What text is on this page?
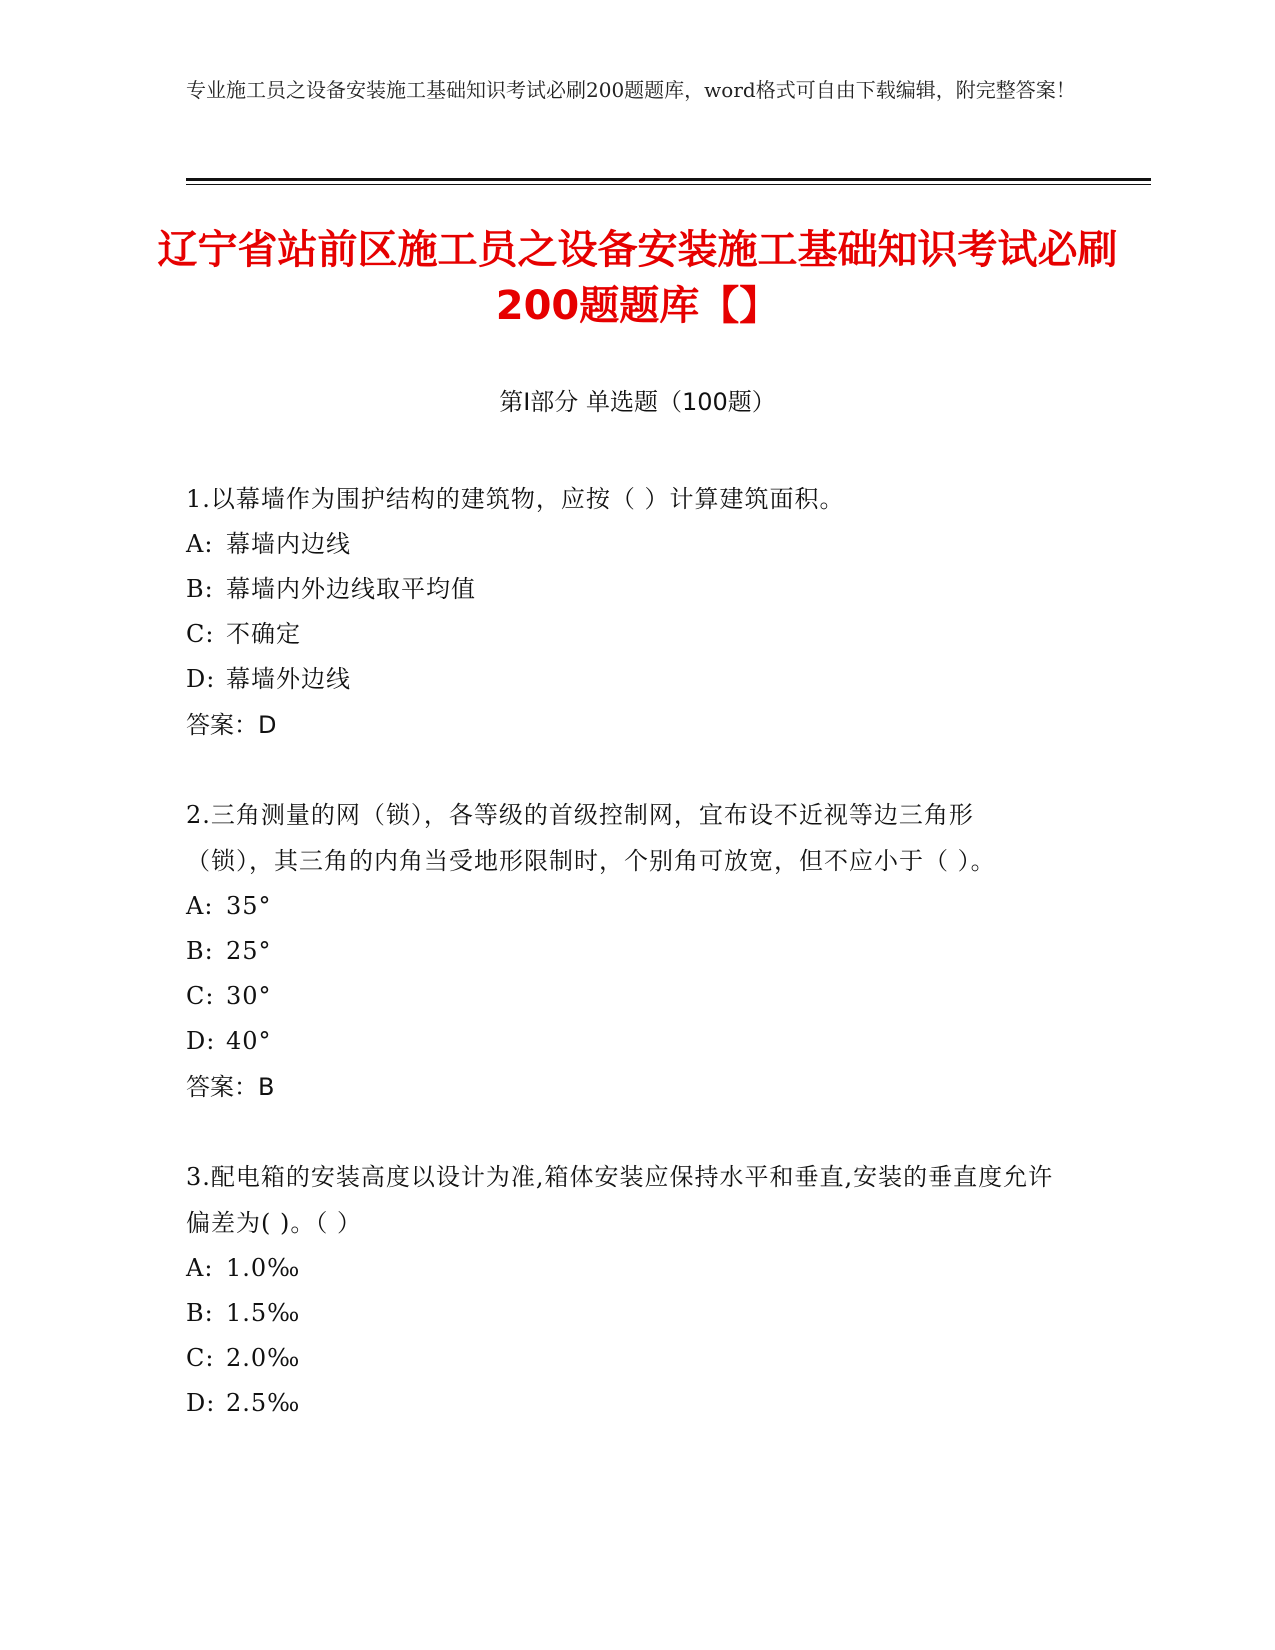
专业施工员之设备安装施工基础知识考试必刷200题题库，word格式可自由下载编辑，附完整答案！
辽宁省站前区施工员之设备安装施工基础知识考试必刷200题题库【】
第Ⅰ部分 单选题（100题）

1.以幕墙作为围护结构的建筑物，应按（ ）计算建筑面积。

A: 幕墙内边线

B: 幕墙内外边线取平均值

C: 不确定

D: 幕墙外边线

答案：D

2.三角测量的网（锁），各等级的首级控制网，宜布设不近视等边三角形（锁），其三角的内角当受地形限制时，个别角可放宽，但不应小于（ ）。

A: 35°

B: 25°

C: 30°

D: 40°

答案：B

3.配电箱的安装高度以设计为准,箱体安装应保持水平和垂直,安装的垂直度允许偏差为( )。（ ）

A: 1.0‰

B: 1.5‰

C: 2.0‰

D: 2.5‰
